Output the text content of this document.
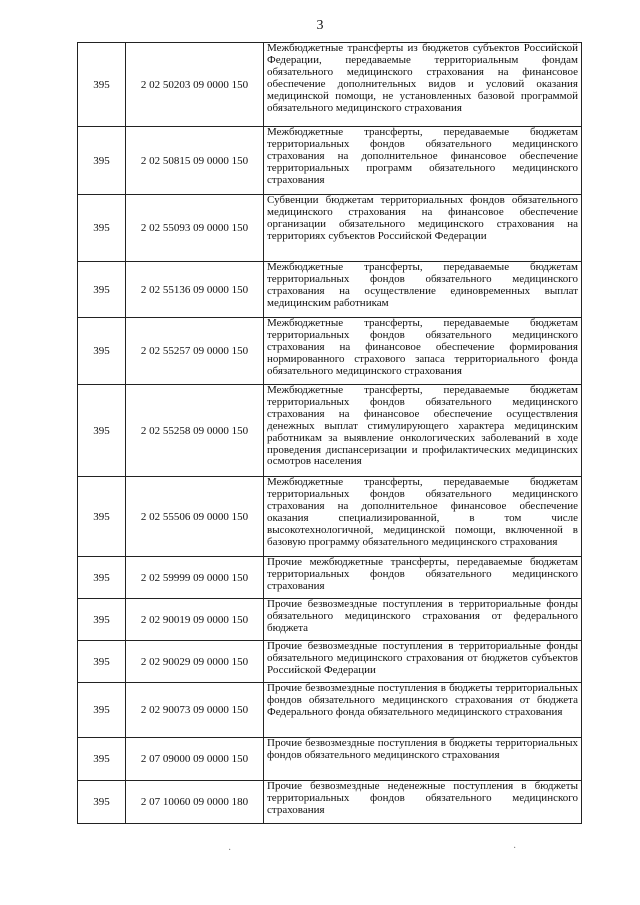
3
395	2 02 50203 09 0000 150	Межбюджетные трансферты из бюджетов субъектов Российской Федерации, передаваемые территориальным фондам обязательного медицинского страхования на финансовое обеспечение дополнительных видов и условий оказания медицинской помощи, не установленных базовой программой обязательного медицинского страхования

395	2 02 50815 09 0000 150	Межбюджетные трансферты, передаваемые бюджетам территориальных фондов обязательного медицинского страхования на дополнительное финансовое обеспечение территориальных программ обязательного медицинского страхования

395	2 02 55093 09 0000 150	Субвенции бюджетам территориальных фондов обязательного медицинского страхования на финансовое обеспечение организации обязательного медицинского страхования на территориях субъектов Российской Федерации

395	2 02 55136 09 0000 150	Межбюджетные трансферты, передаваемые бюджетам территориальных фондов обязательного медицинского страхования на осуществление единовременных выплат медицинским работникам

395	2 02 55257 09 0000 150	Межбюджетные трансферты, передаваемые бюджетам территориальных фондов обязательного медицинского страхования на финансовое обеспечение формирования нормированного страхового запаса территориального фонда обязательного медицинского страхования

395	2 02 55258 09 0000 150	Межбюджетные трансферты, передаваемые бюджетам территориальных фондов обязательного медицинского страхования на финансовое обеспечение осуществления денежных выплат стимулирующего характера медицинским работникам за выявление онкологических заболеваний в ходе проведения диспансеризации и профилактических медицинских осмотров населения

395	2 02 55506 09 0000 150	Межбюджетные трансферты, передаваемые бюджетам территориальных фондов обязательного медицинского страхования на дополнительное финансовое обеспечение оказания специализированной, в том числе высокотехнологичной, медицинской помощи, включенной в базовую программу обязательного медицинского страхования

395	2 02 59999 09 0000 150	Прочие межбюджетные трансферты, передаваемые бюджетам территориальных фондов обязательного медицинского страхования

395	2 02 90019 09 0000 150	Прочие безвозмездные поступления в территориальные фонды обязательного медицинского страхования от федерального бюджета

395	2 02 90029 09 0000 150	Прочие безвозмездные поступления в территориальные фонды обязательного медицинского страхования от бюджетов субъектов Российской Федерации

395	2 02 90073 09 0000 150	Прочие безвозмездные поступления в бюджеты территориальных фондов обязательного медицинского страхования от бюджета Федерального фонда обязательного медицинского страхования

395	2 07 09000 09 0000 150	Прочие безвозмездные поступления в бюджеты территориальных фондов обязательного медицинского страхования

395	2 07 10060 09 0000 180	Прочие безвозмездные неденежные поступления в бюджеты территориальных фондов обязательного медицинского страхования
·	·
